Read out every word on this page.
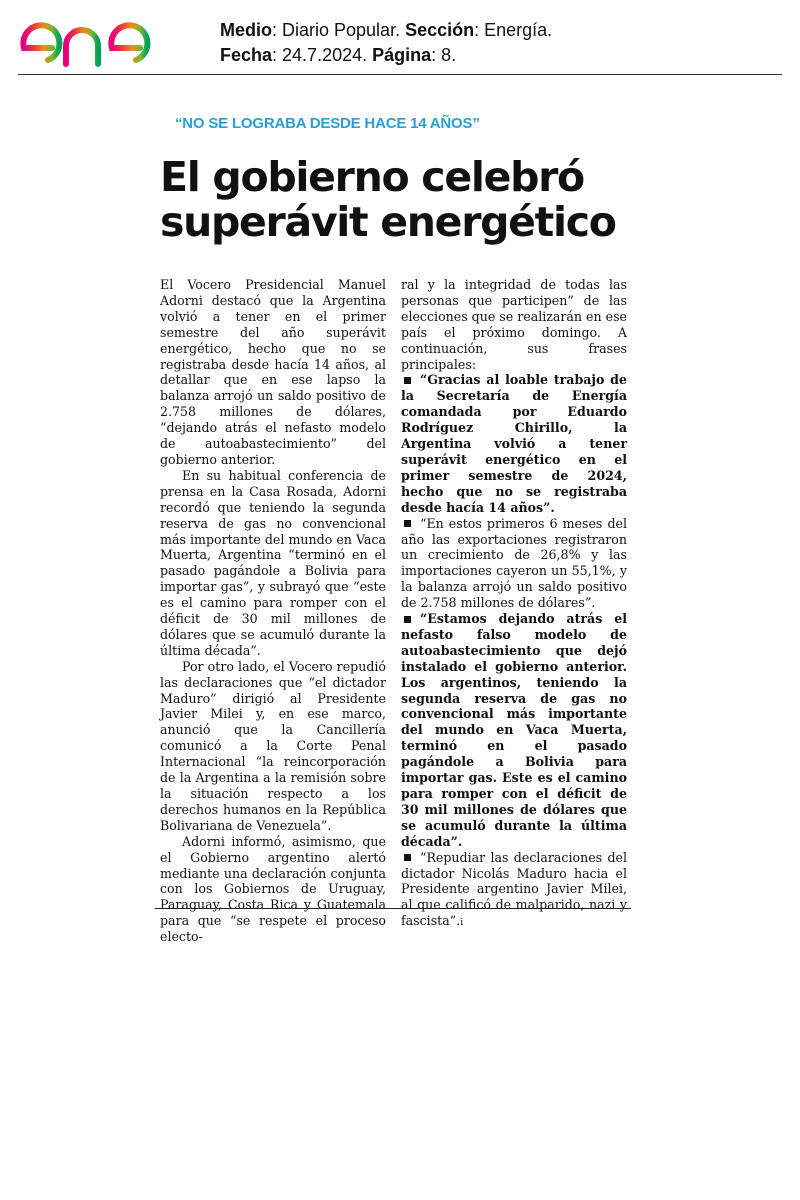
Medio: Diario Popular. Sección: Energía.
Fecha: 24.7.2024. Página: 8.
“NO SE LOGRABA DESDE HACE 14 AÑOS”
El gobierno celebró superávit energético

El Vocero Presidencial Manuel Adorni destacó que la Argentina volvió a tener en el primer semestre del año superávit energético, hecho que no se registraba desde hacía 14 años, al detallar que en ese lapso la balanza arrojó un saldo positivo de 2.758 millones de dólares, “dejando atrás el nefasto modelo de autoabastecimiento” del gobierno anterior.

En su habitual conferencia de prensa en la Casa Rosada, Adorni recordó que teniendo la segunda reserva de gas no convencional más importante del mundo en Vaca Muerta, Argentina “terminó en el pasado pagándole a Bolivia para importar gas”, y subrayó que “este es el camino para romper con el déficit de 30 mil millones de dólares que se acumuló durante la última década”.

Por otro lado, el Vocero repudió las declaraciones que “el dictador Maduro” dirigió al Presidente Javier Milei y, en ese marco, anunció que la Cancillería comunicó a la Corte Penal Internacional “la reincorporación de la Argentina a la remisión sobre la situación respecto a los derechos humanos en la República Bolivariana de Venezuela”.

Adorni informó, asimismo, que el Gobierno argentino alertó mediante una declaración conjunta con los Gobiernos de Uruguay, Paraguay, Costa Rica y Guatemala para que “se respete el proceso electo-

ral y la integridad de todas las personas que participen” de las elecciones que se realizarán en ese país el próximo domingo. A continuación, sus frases principales:

“Gracias al loable trabajo de la Secretaría de Energía comandada por Eduardo Rodríguez Chirillo, la Argentina volvió a tener superávit energético en el primer semestre de 2024, hecho que no se registraba desde hacía 14 años”.

“En estos primeros 6 meses del año las exportaciones registraron un crecimiento de 26,8% y las importaciones cayeron un 55,1%, y la balanza arrojó un saldo positivo de 2.758 millones de dólares”.

“Estamos dejando atrás el nefasto falso modelo de autoabastecimiento que dejó instalado el gobierno anterior. Los argentinos, teniendo la segunda reserva de gas no convencional más importante del mundo en Vaca Muerta, terminó en el pasado pagándole a Bolivia para importar gas. Este es el camino para romper con el déficit de 30 mil millones de dólares que se acumuló durante la última década”.

“Repudiar las declaraciones del dictador Nicolás Maduro hacia el Presidente argentino Javier Milei, al que calificó de malparido, nazi y fascista”.i
